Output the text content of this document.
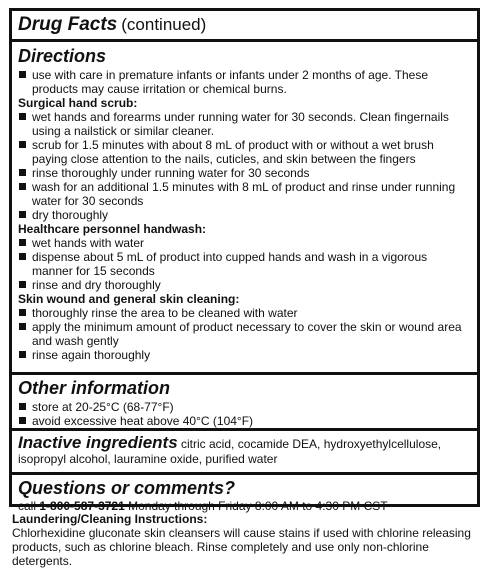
Drug Facts (continued)
Directions
use with care in premature infants or infants under 2 months of age. These products may cause irritation or chemical burns.
Surgical hand scrub:
wet hands and forearms under running water for 30 seconds. Clean fingernails using a nailstick or similar cleaner.
scrub for 1.5 minutes with about 8 mL of product with or without a wet brush paying close attention to the nails, cuticles, and skin between the fingers
rinse thoroughly under running water for 30 seconds
wash for an additional 1.5 minutes with 8 mL of product and rinse under running water for 30 seconds
dry thoroughly
Healthcare personnel handwash:
wet hands with water
dispense about 5 mL of product into cupped hands and wash in a vigorous manner for 15 seconds
rinse and dry thoroughly
Skin wound and general skin cleaning:
thoroughly rinse the area to be cleaned with water
apply the minimum amount of product necessary to cover the skin or wound area and wash gently
rinse again thoroughly
Other information
store at 20-25°C (68-77°F)
avoid excessive heat above 40°C (104°F)
Inactive ingredients citric acid, cocamide DEA, hydroxyethylcellulose, isopropyl alcohol, lauramine oxide, purified water
Questions or comments?
call 1-800-587-3721 Monday through Friday 8:00 AM to 4:30 PM CST
Laundering/Cleaning Instructions:
Chlorhexidine gluconate skin cleansers will cause stains if used with chlorine releasing products, such as chlorine bleach. Rinse completely and use only non-chlorine detergents.
